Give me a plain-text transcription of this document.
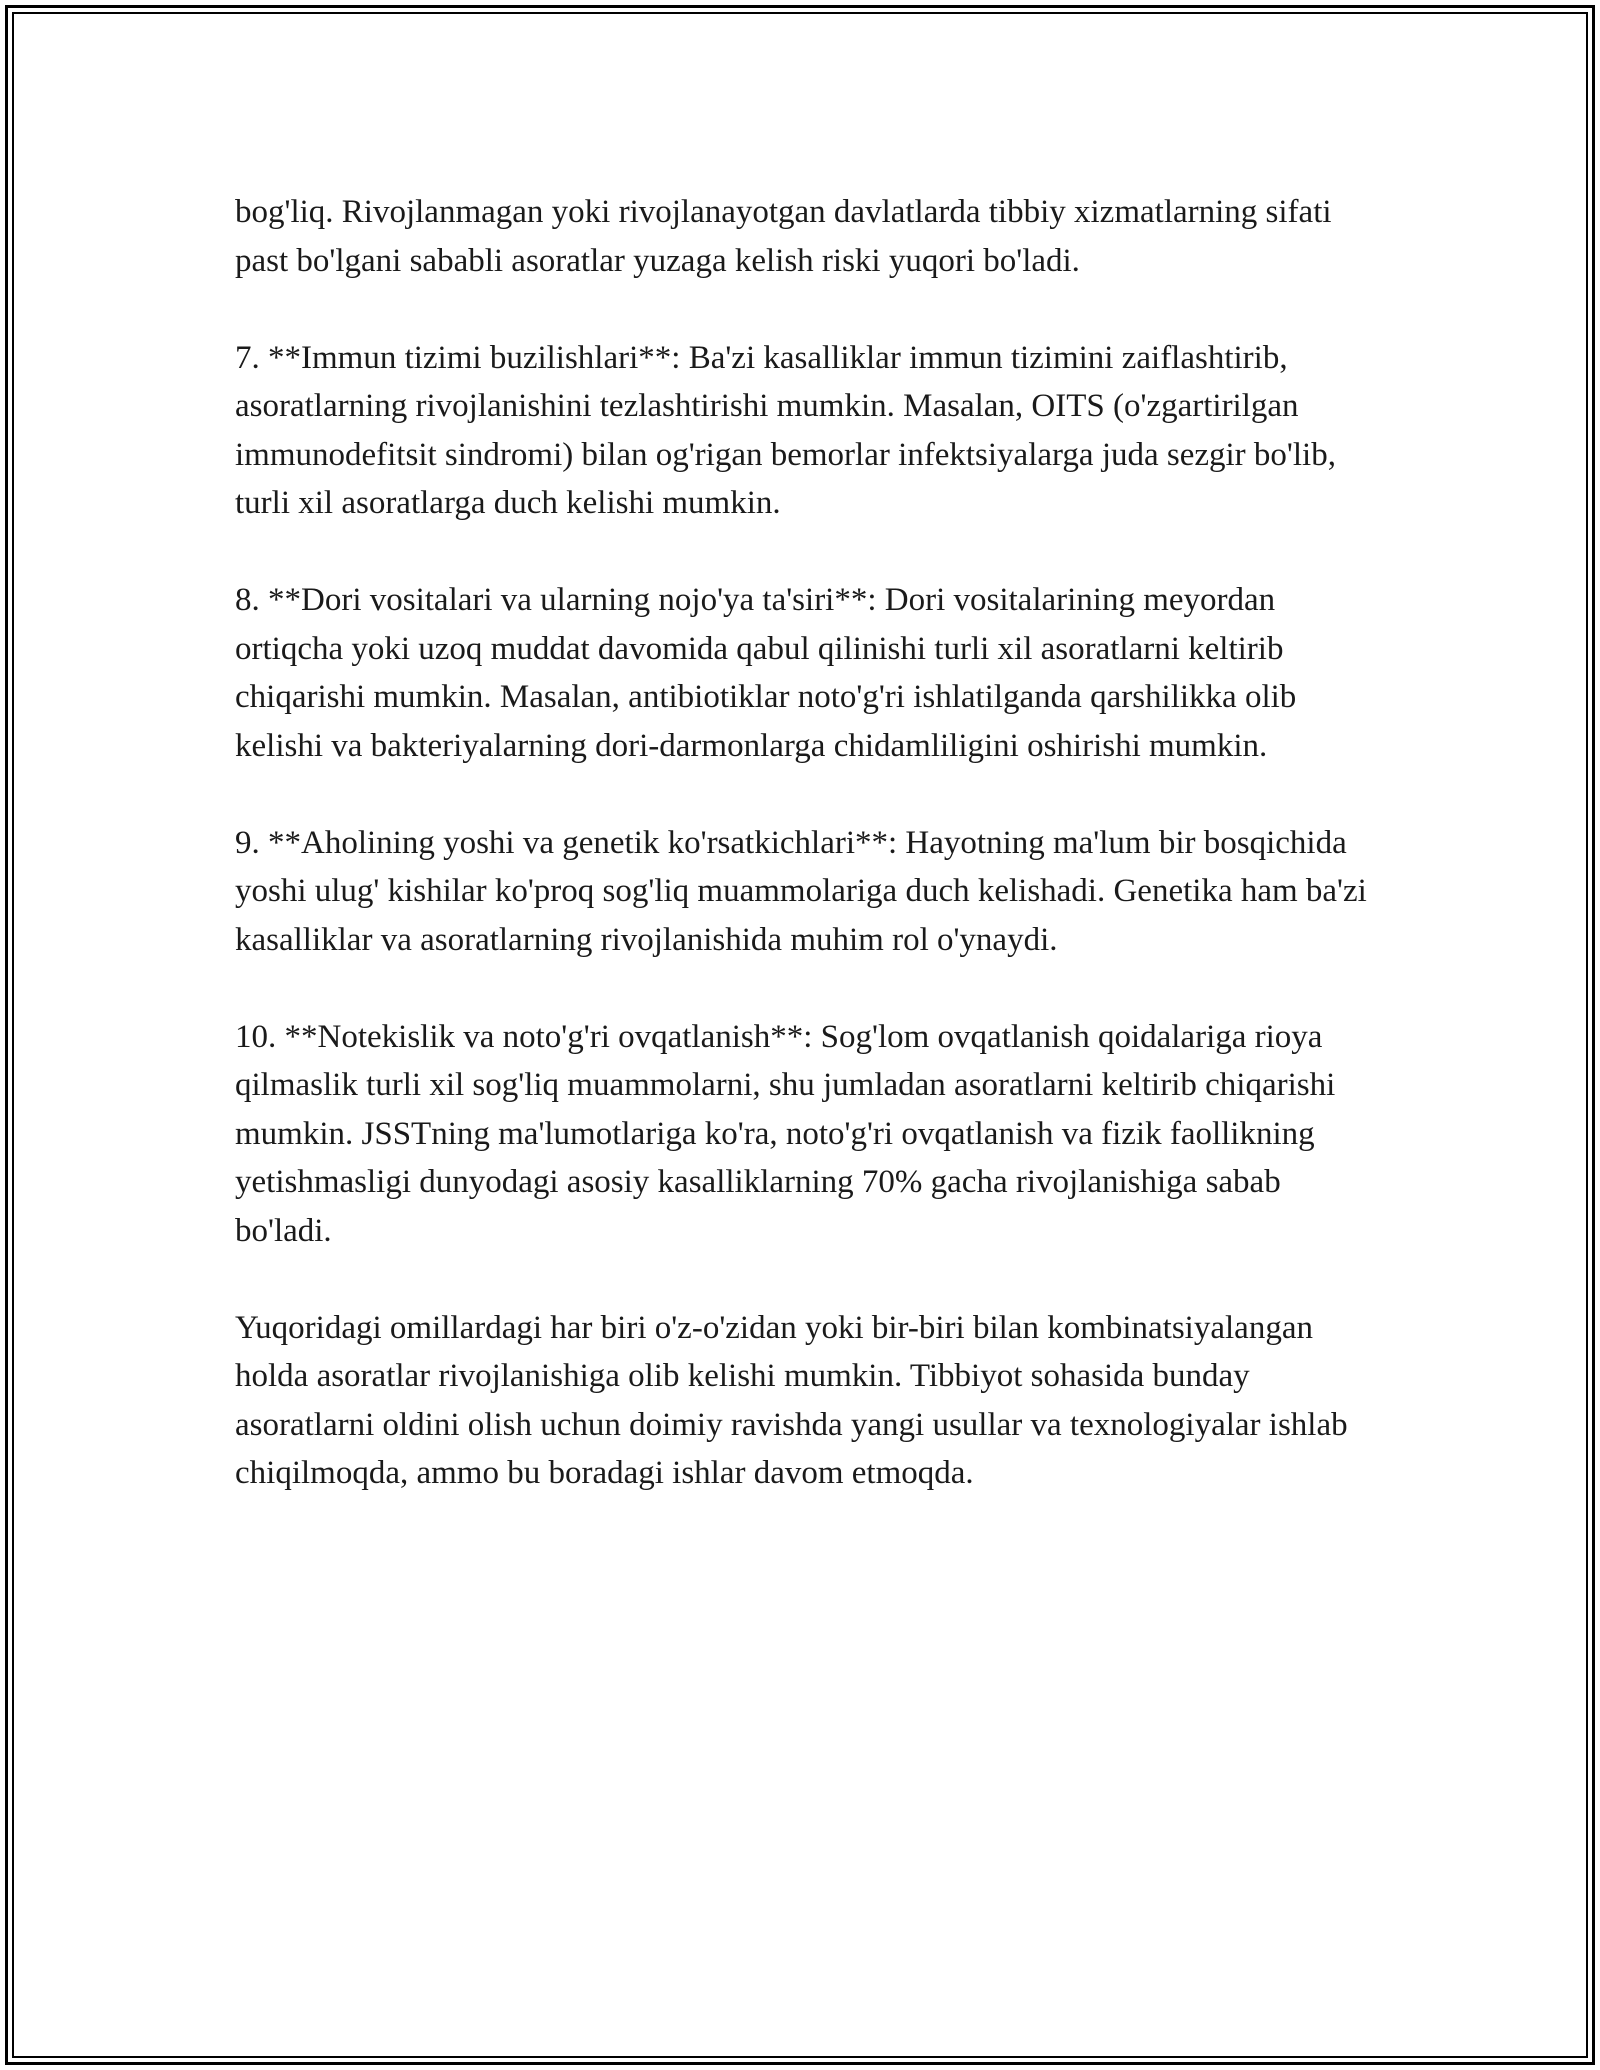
bog'liq. Rivojlanmagan yoki rivojlanayotgan davlatlarda tibbiy xizmatlarning sifati past bo'lgani sababli asoratlar yuzaga kelish riski yuqori bo'ladi.

7. **Immun tizimi buzilishlari**: Ba'zi kasalliklar immun tizimini zaiflashtirib, asoratlarning rivojlanishini tezlashtirishi mumkin. Masalan, OITS (o'zgartirilgan immunodefitsit sindromi) bilan og'rigan bemorlar infektsiyalarga juda sezgir bo'lib, turli xil asoratlarga duch kelishi mumkin.

8. **Dori vositalari va ularning nojo'ya ta'siri**: Dori vositalarining meyordan ortiqcha yoki uzoq muddat davomida qabul qilinishi turli xil asoratlarni keltirib chiqarishi mumkin. Masalan, antibiotiklar noto'g'ri ishlatilganda qarshilikka olib kelishi va bakteriyalarning dori-darmonlarga chidamliligini oshirishi mumkin.

9. **Aholining yoshi va genetik ko'rsatkichlari**: Hayotning ma'lum bir bosqichida yoshi ulug' kishilar ko'proq sog'liq muammolariga duch kelishadi. Genetika ham ba'zi kasalliklar va asoratlarning rivojlanishida muhim rol o'ynaydi.

10. **Notekislik va noto'g'ri ovqatlanish**: Sog'lom ovqatlanish qoidalariga rioya qilmaslik turli xil sog'liq muammolarni, shu jumladan asoratlarni keltirib chiqarishi mumkin. JSSTning ma'lumotlariga ko'ra, noto'g'ri ovqatlanish va fizik faollikning yetishmasligi dunyodagi asosiy kasalliklarning 70% gacha rivojlanishiga sabab bo'ladi.

Yuqoridagi omillardagi har biri o'z-o'zidan yoki bir-biri bilan kombinatsiyalangan holda asoratlar rivojlanishiga olib kelishi mumkin. Tibbiyot sohasida bunday asoratlarni oldini olish uchun doimiy ravishda yangi usullar va texnologiyalar ishlab chiqilmoqda, ammo bu boradagi ishlar davom etmoqda.
